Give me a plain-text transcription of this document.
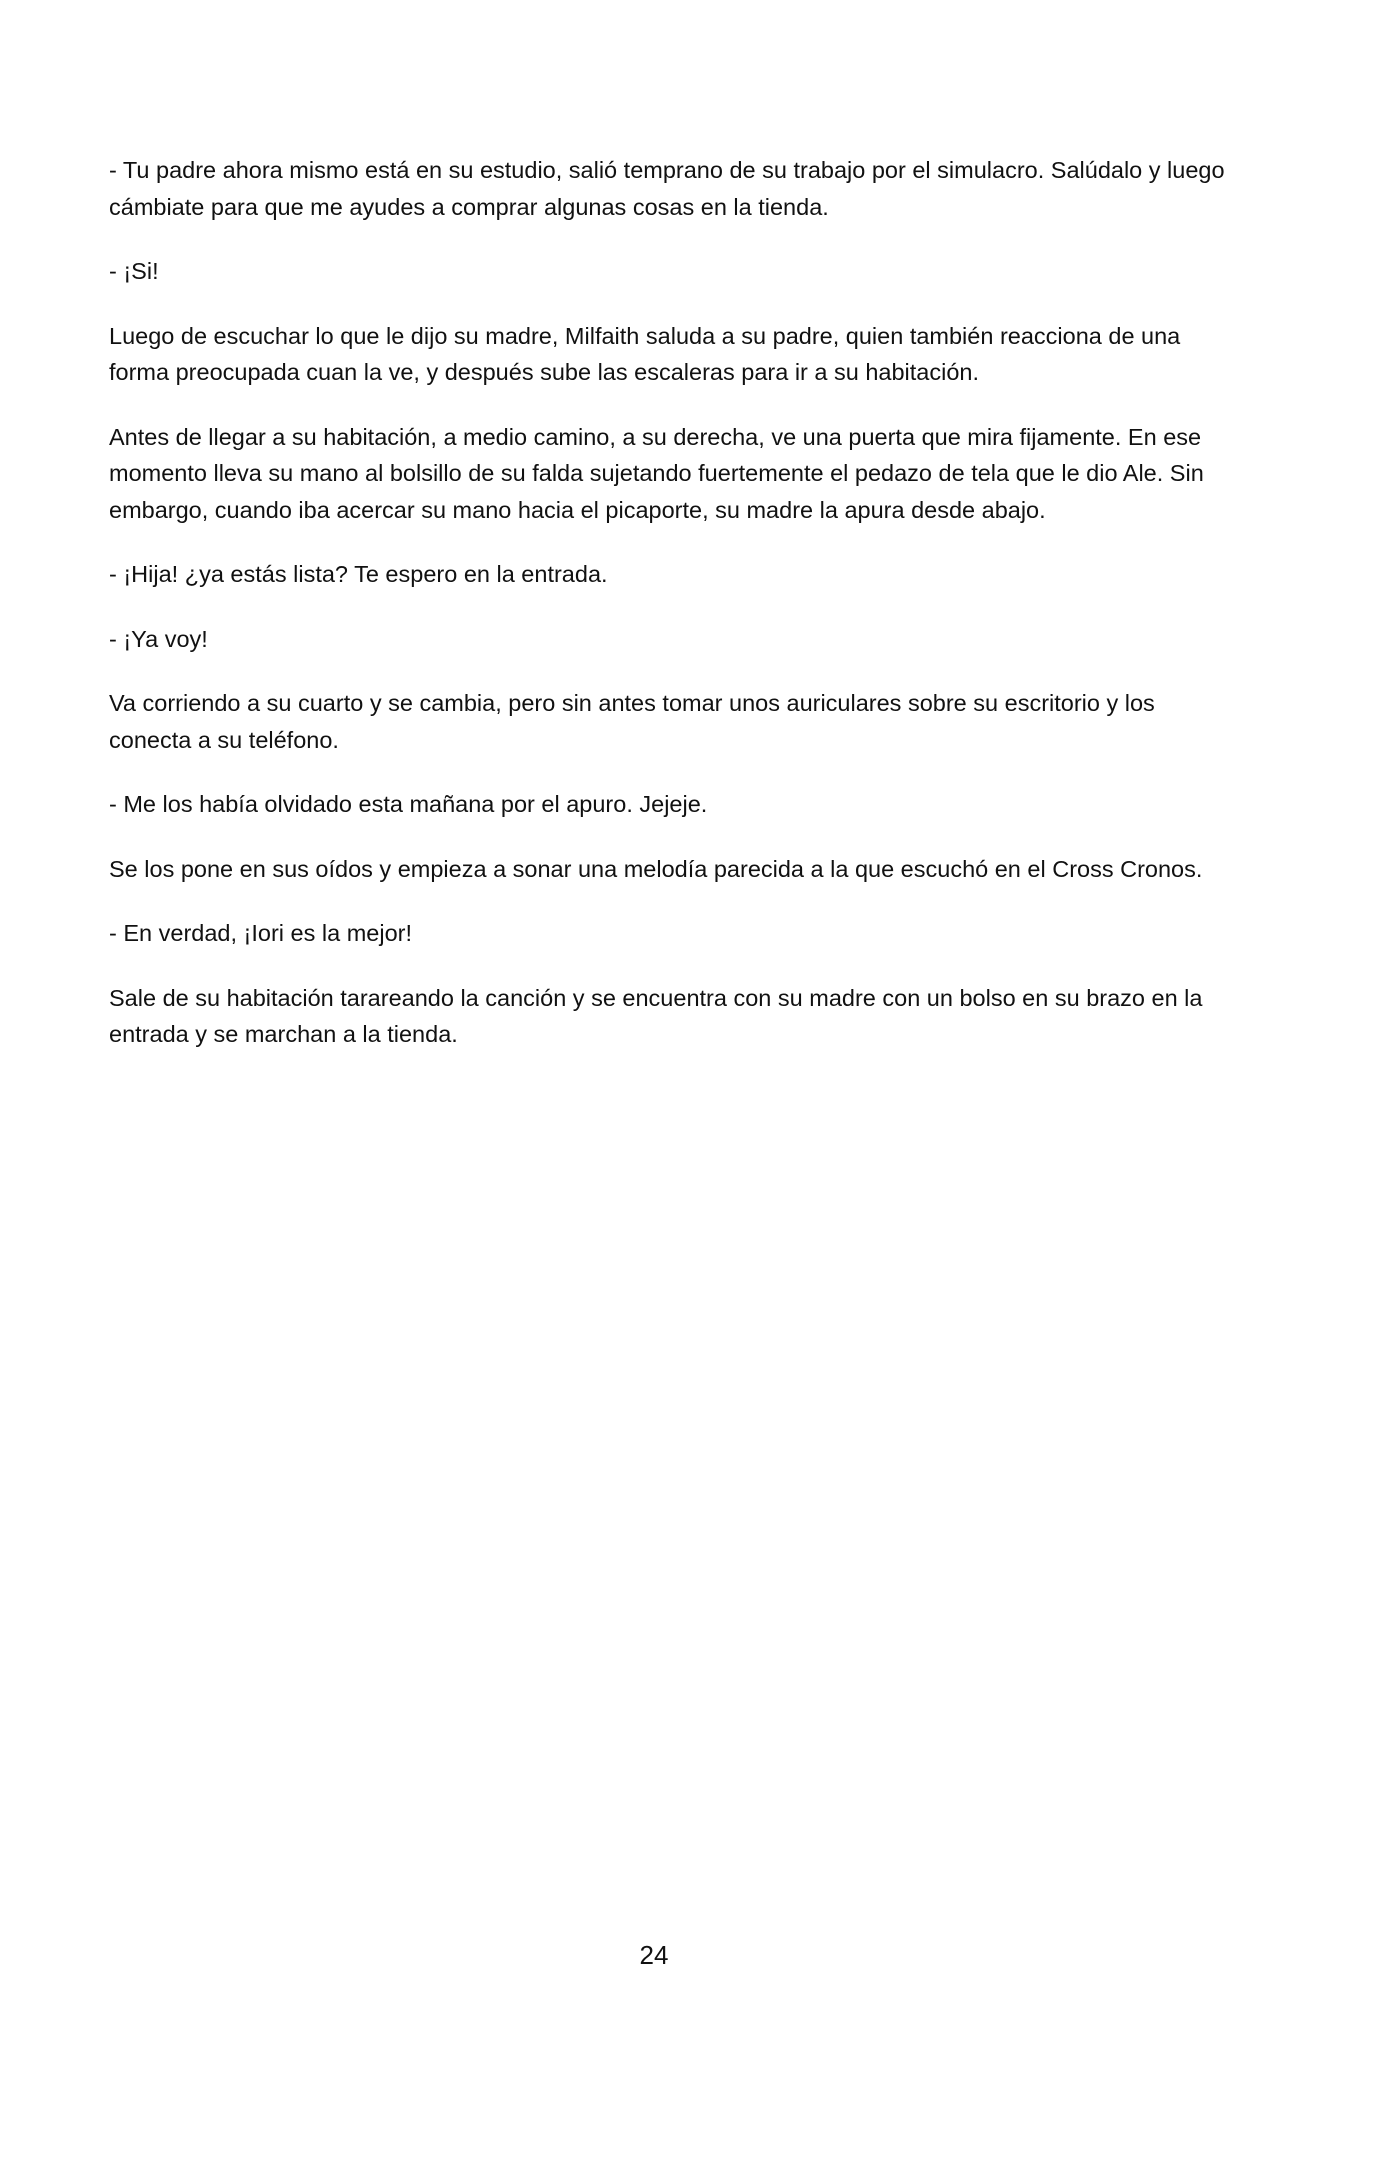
- Tu padre ahora mismo está en su estudio, salió temprano de su trabajo por el simulacro. Salúdalo y luego cámbiate para que me ayudes a comprar algunas cosas en la tienda.

- ¡Si!

Luego de escuchar lo que le dijo su madre, Milfaith saluda a su padre, quien también reacciona de una forma preocupada cuan la ve, y después sube las escaleras para ir a su habitación.

Antes de llegar a su habitación, a medio camino, a su derecha, ve una puerta que mira fijamente. En ese momento lleva su mano al bolsillo de su falda sujetando fuertemente el pedazo de tela que le dio Ale. Sin embargo, cuando iba acercar su mano hacia el picaporte, su madre la apura desde abajo.

- ¡Hija! ¿ya estás lista? Te espero en la entrada.

- ¡Ya voy!

Va corriendo a su cuarto y se cambia, pero sin antes tomar unos auriculares sobre su escritorio y los conecta a su teléfono.

- Me los había olvidado esta mañana por el apuro. Jejeje.

Se los pone en sus oídos y empieza a sonar una melodía parecida a la que escuchó en el Cross Cronos.

- En verdad, ¡Iori es la mejor!

Sale de su habitación tarareando la canción y se encuentra con su madre con un bolso en su brazo en la entrada y se marchan a la tienda.

24
